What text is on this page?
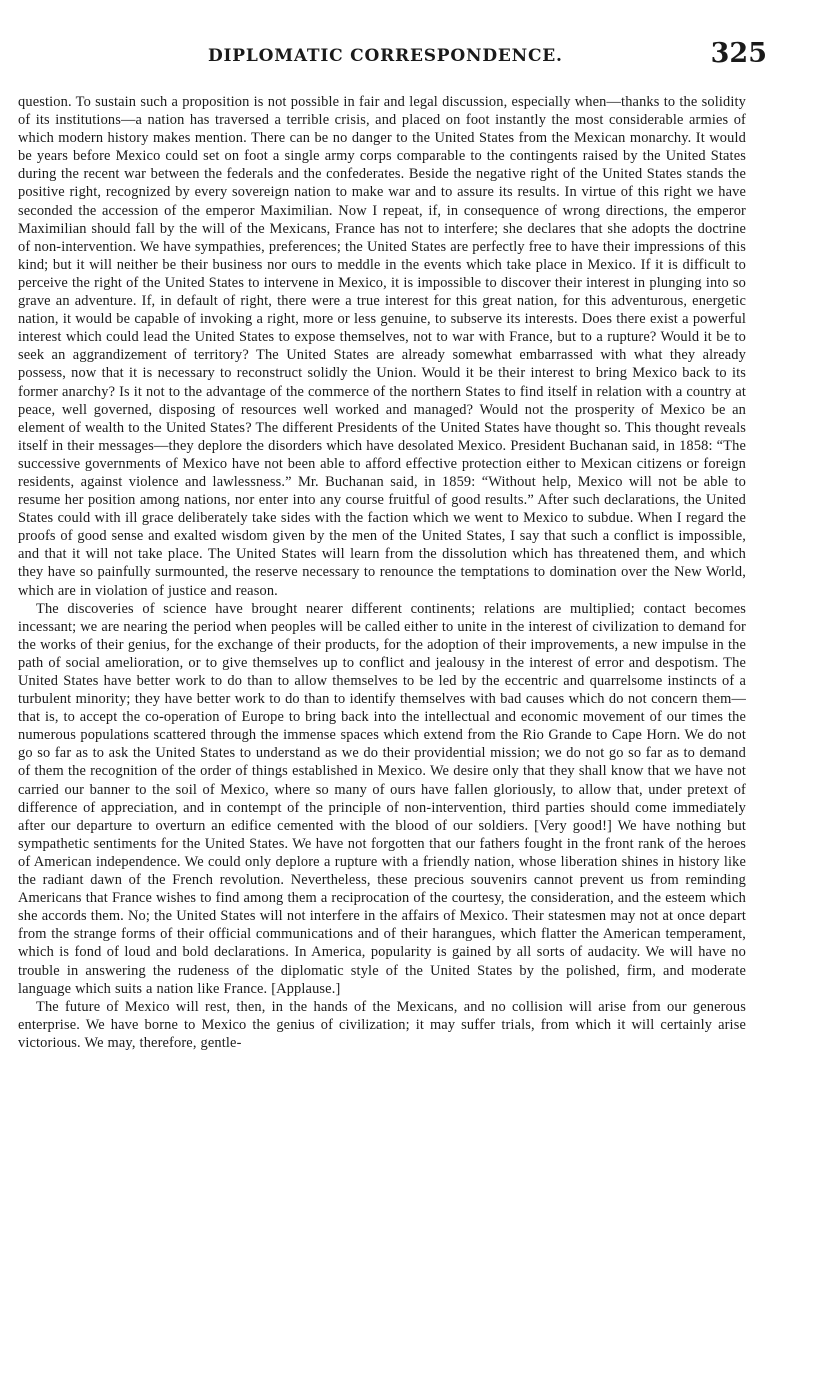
DIPLOMATIC CORRESPONDENCE.	325

question. To sustain such a proposition is not possible in fair and legal discussion, especially when—thanks to the solidity of its institutions—a nation has traversed a terrible crisis, and placed on foot instantly the most considerable armies of which modern history makes mention. There can be no danger to the United States from the Mexican monarchy. It would be years before Mexico could set on foot a single army corps comparable to the contingents raised by the United States during the recent war between the federals and the confederates. Beside the negative right of the United States stands the positive right, recognized by every sovereign nation to make war and to assure its results. In virtue of this right we have seconded the accession of the emperor Maximilian. Now I repeat, if, in consequence of wrong directions, the emperor Maximilian should fall by the will of the Mexicans, France has not to interfere; she declares that she adopts the doctrine of non-intervention. We have sympathies, preferences; the United States are perfectly free to have their impressions of this kind; but it will neither be their business nor ours to meddle in the events which take place in Mexico. If it is difficult to perceive the right of the United States to intervene in Mexico, it is impossible to discover their interest in plunging into so grave an adventure. If, in default of right, there were a true interest for this great nation, for this adventurous, energetic nation, it would be capable of invoking a right, more or less genuine, to subserve its interests. Does there exist a powerful interest which could lead the United States to expose themselves, not to war with France, but to a rupture? Would it be to seek an aggrandizement of territory? The United States are already somewhat embarrassed with what they already possess, now that it is necessary to reconstruct solidly the Union. Would it be their interest to bring Mexico back to its former anarchy? Is it not to the advantage of the commerce of the northern States to find itself in relation with a country at peace, well governed, disposing of resources well worked and managed? Would not the prosperity of Mexico be an element of wealth to the United States? The different Presidents of the United States have thought so. This thought reveals itself in their messages—they deplore the disorders which have desolated Mexico. President Buchanan said, in 1858: “The successive governments of Mexico have not been able to afford effective protection either to Mexican citizens or foreign residents, against violence and lawlessness.” Mr. Buchanan said, in 1859: “Without help, Mexico will not be able to resume her position among nations, nor enter into any course fruitful of good results.” After such declarations, the United States could with ill grace deliberately take sides with the faction which we went to Mexico to subdue. When I regard the proofs of good sense and exalted wisdom given by the men of the United States, I say that such a conflict is impossible, and that it will not take place. The United States will learn from the dissolution which has threatened them, and which they have so painfully surmounted, the reserve necessary to renounce the temptations to domination over the New World, which are in violation of justice and reason.

The discoveries of science have brought nearer different continents; relations are multiplied; contact becomes incessant; we are nearing the period when peoples will be called either to unite in the interest of civilization to demand for the works of their genius, for the exchange of their products, for the adoption of their improvements, a new impulse in the path of social amelioration, or to give themselves up to conflict and jealousy in the interest of error and despotism. The United States have better work to do than to allow themselves to be led by the eccentric and quarrelsome instincts of a turbulent minority; they have better work to do than to identify themselves with bad causes which do not concern them—that is, to accept the co-operation of Europe to bring back into the intellectual and economic movement of our times the numerous populations scattered through the immense spaces which extend from the Rio Grande to Cape Horn. We do not go so far as to ask the United States to understand as we do their providential mission; we do not go so far as to demand of them the recognition of the order of things established in Mexico. We desire only that they shall know that we have not carried our banner to the soil of Mexico, where so many of ours have fallen gloriously, to allow that, under pretext of difference of appreciation, and in contempt of the principle of non-intervention, third parties should come immediately after our departure to overturn an edifice cemented with the blood of our soldiers. [Very good!] We have nothing but sympathetic sentiments for the United States. We have not forgotten that our fathers fought in the front rank of the heroes of American independence. We could only deplore a rupture with a friendly nation, whose liberation shines in history like the radiant dawn of the French revolution. Nevertheless, these precious souvenirs cannot prevent us from reminding Americans that France wishes to find among them a reciprocation of the courtesy, the consideration, and the esteem which she accords them. No; the United States will not interfere in the affairs of Mexico. Their statesmen may not at once depart from the strange forms of their official communications and of their harangues, which flatter the American temperament, which is fond of loud and bold declarations. In America, popularity is gained by all sorts of audacity. We will have no trouble in answering the rudeness of the diplomatic style of the United States by the polished, firm, and moderate language which suits a nation like France. [Applause.]

The future of Mexico will rest, then, in the hands of the Mexicans, and no collision will arise from our generous enterprise. We have borne to Mexico the genius of civilization; it may suffer trials, from which it will certainly arise victorious. We may, therefore, gentle-
